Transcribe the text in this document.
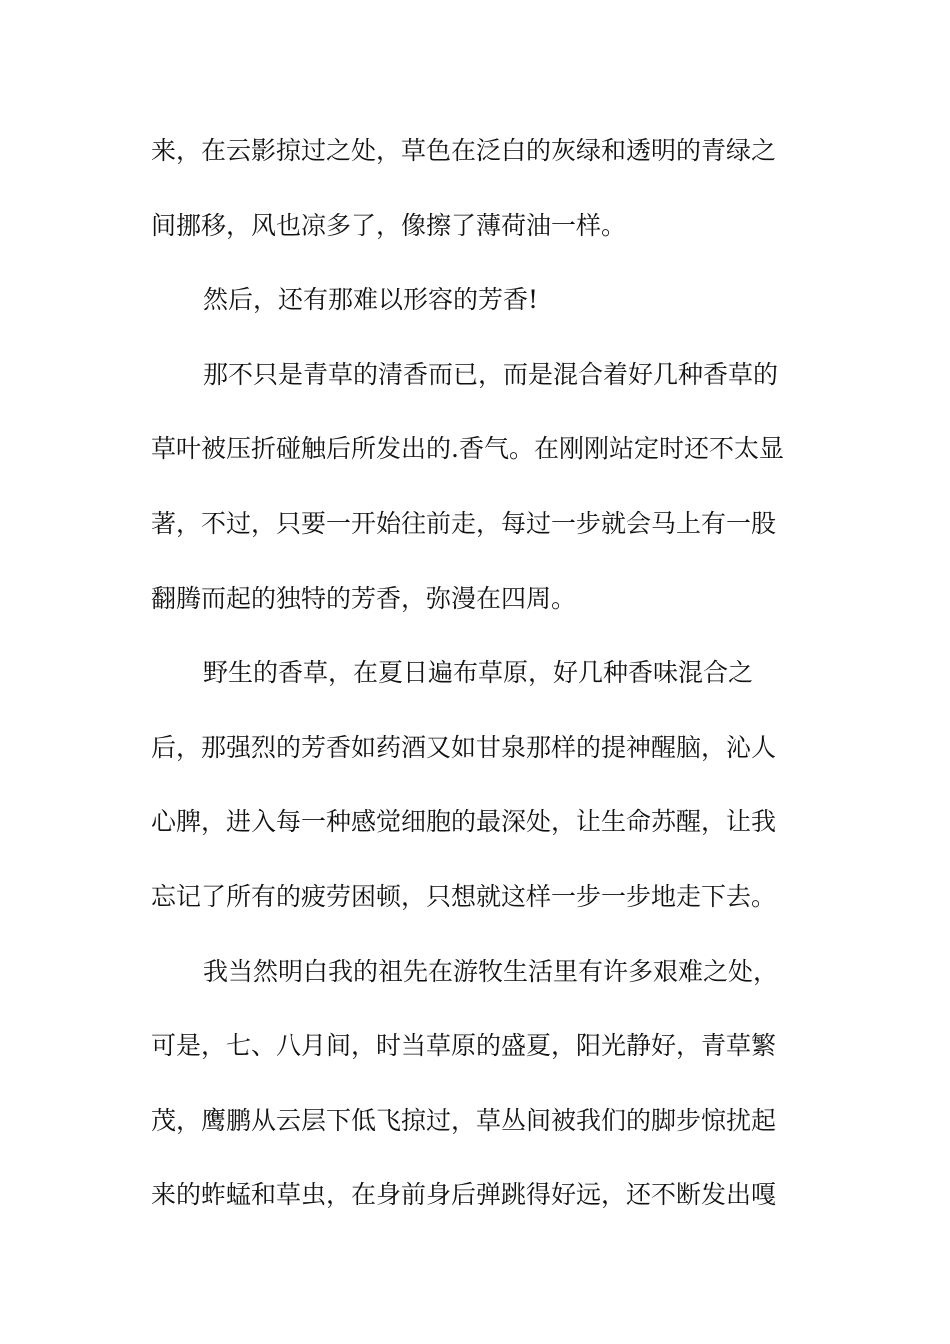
来，在云影掠过之处，草色在泛白的灰绿和透明的青绿之
间挪移，风也凉多了，像擦了薄荷油一样。
然后，还有那难以形容的芳香!
那不只是青草的清香而已，而是混合着好几种香草的
草叶被压折碰触后所发出的.香气。在刚刚站定时还不太显
著，不过，只要一开始往前走，每过一步就会马上有一股
翻腾而起的独特的芳香，弥漫在四周。
野生的香草，在夏日遍布草原，好几种香味混合之
后，那强烈的芳香如药酒又如甘泉那样的提神醒脑，沁人
心脾，进入每一种感觉细胞的最深处，让生命苏醒，让我
忘记了所有的疲劳困顿，只想就这样一步一步地走下去。
我当然明白我的祖先在游牧生活里有许多艰难之处，
可是，七、八月间，时当草原的盛夏，阳光静好，青草繁
茂，鹰鹏从云层下低飞掠过，草丛间被我们的脚步惊扰起
来的蚱蜢和草虫，在身前身后弹跳得好远，还不断发出嘎
